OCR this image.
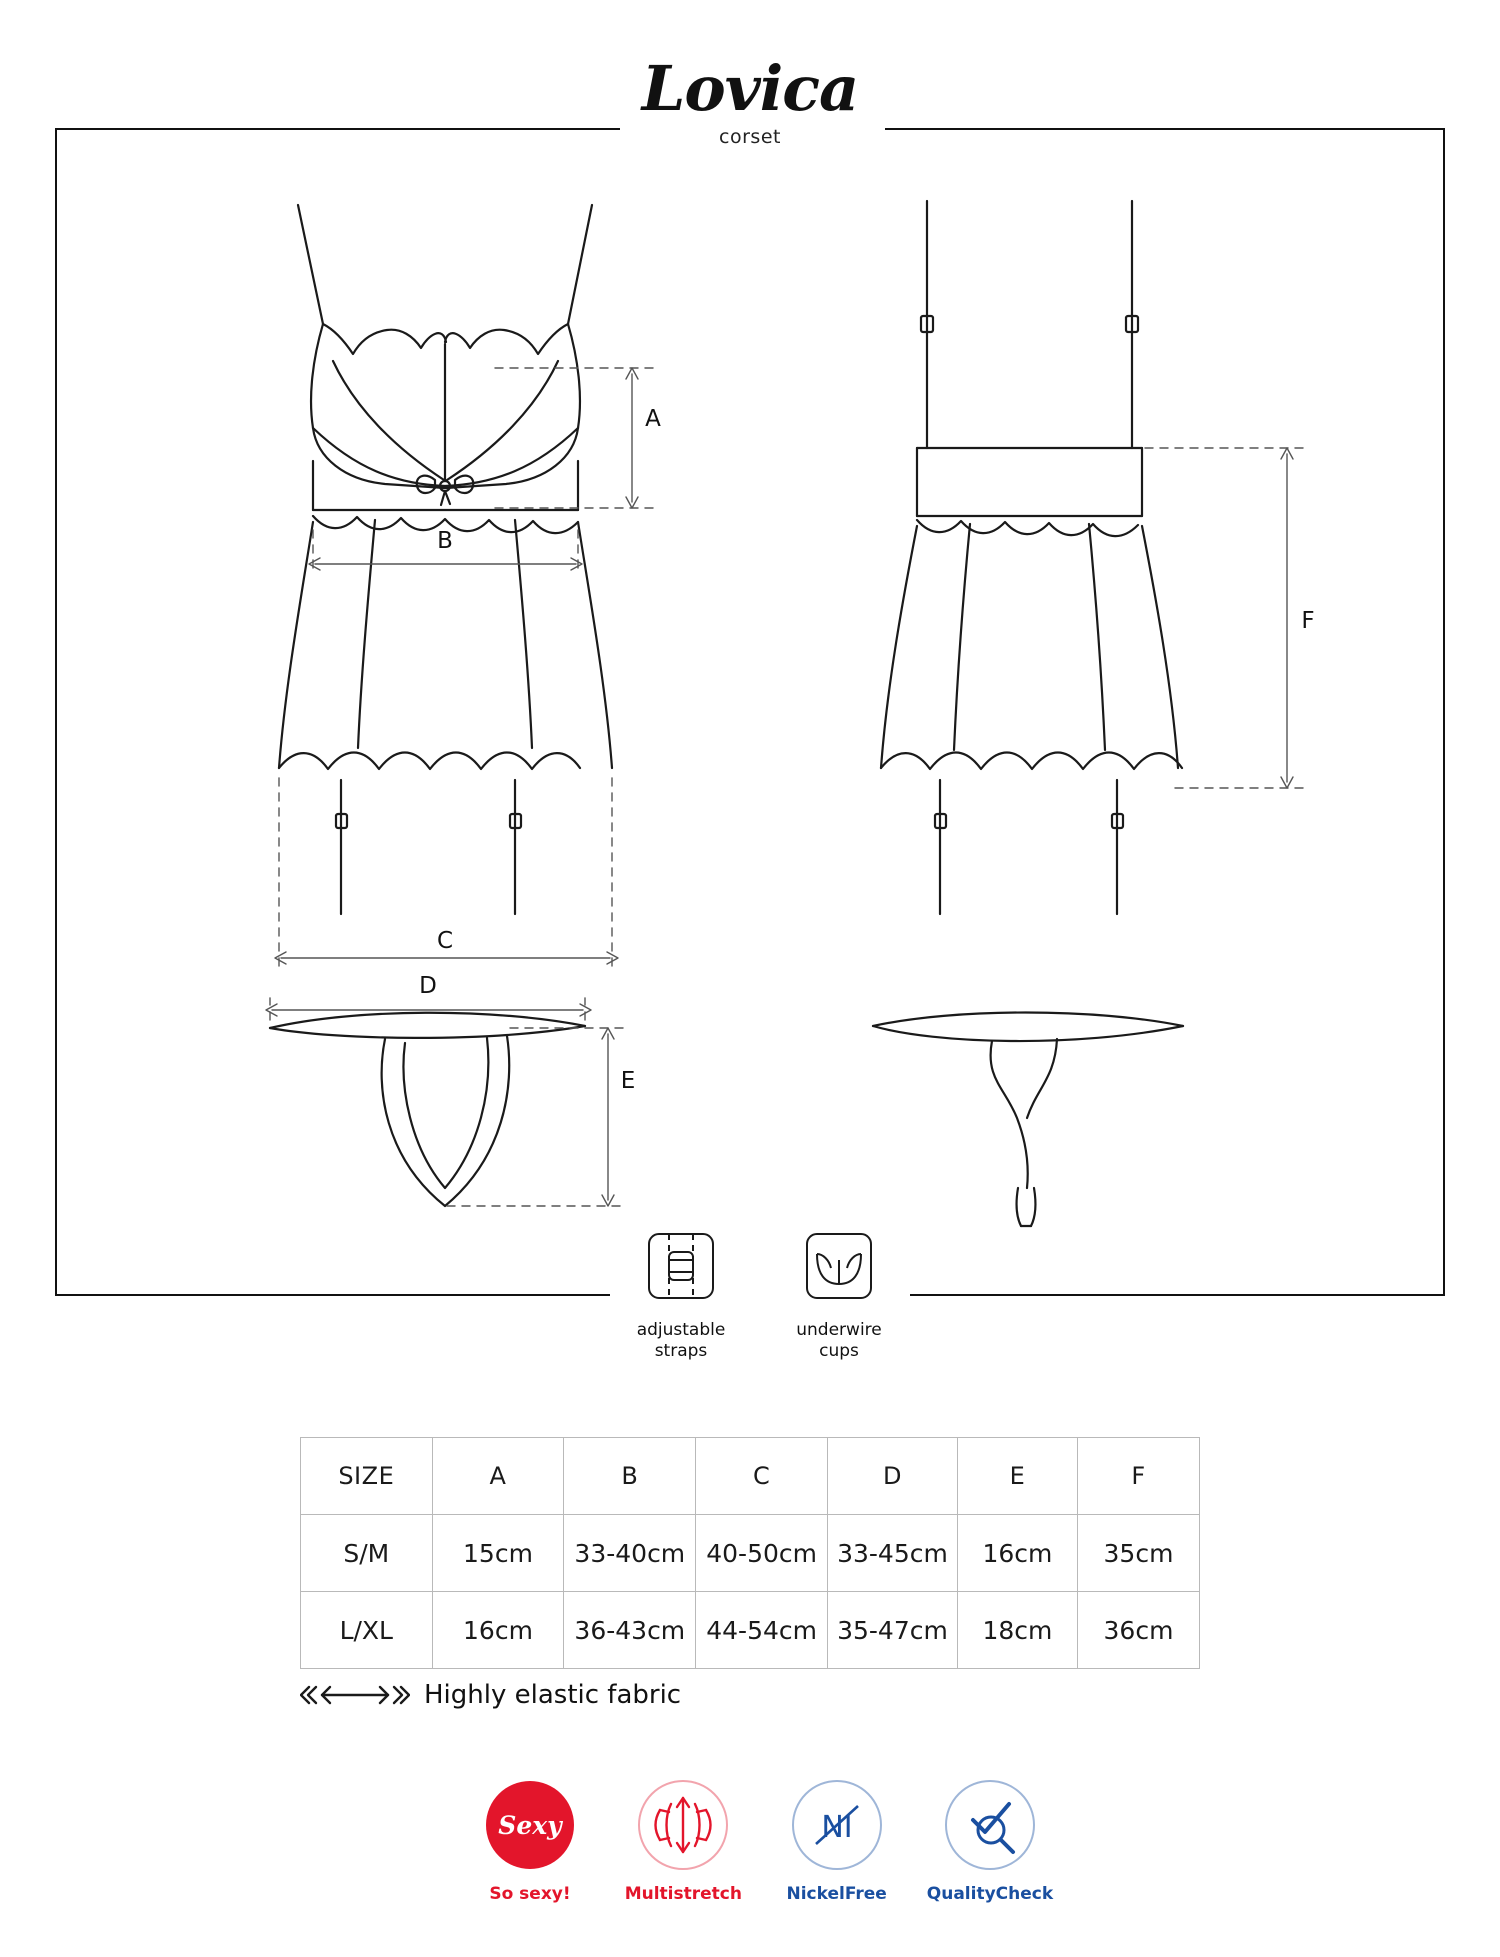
Lovica
corset
A
B
C
F
D
E
adjustable
straps
underwire
cups
SIZE	A	B	C	D	E	F
S/M	15cm	33-40cm	40-50cm	33-45cm	16cm	35cm
L/XL	16cm	36-43cm	44-54cm	35-47cm	18cm	36cm
Highly elastic fabric
Sexy
So sexy!	Multistretch
NI
NickelFree	QualityCheck
